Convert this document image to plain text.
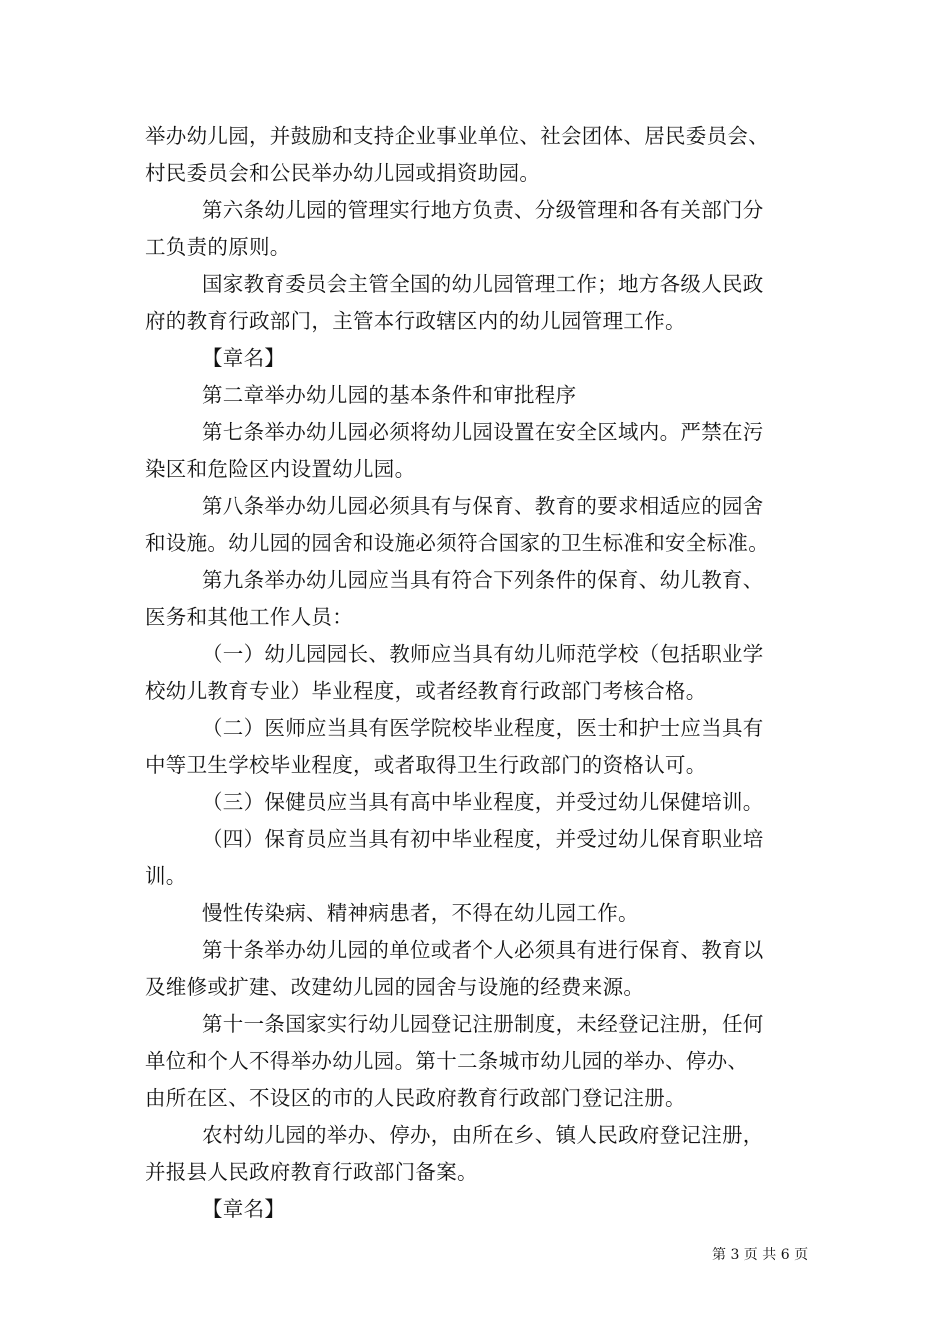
举办幼儿园，并鼓励和支持企业事业单位、社会团体、居民委员会、
村民委员会和公民举办幼儿园或捐资助园。
第六条幼儿园的管理实行地方负责、分级管理和各有关部门分
工负责的原则。
国家教育委员会主管全国的幼儿园管理工作；地方各级人民政
府的教育行政部门，主管本行政辖区内的幼儿园管理工作。
【章名】
第二章举办幼儿园的基本条件和审批程序
第七条举办幼儿园必须将幼儿园设置在安全区域内。严禁在污
染区和危险区内设置幼儿园。
第八条举办幼儿园必须具有与保育、教育的要求相适应的园舍
和设施。幼儿园的园舍和设施必须符合国家的卫生标准和安全标准。
第九条举办幼儿园应当具有符合下列条件的保育、幼儿教育、
医务和其他工作人员：
（一）幼儿园园长、教师应当具有幼儿师范学校（包括职业学
校幼儿教育专业）毕业程度，或者经教育行政部门考核合格。
（二）医师应当具有医学院校毕业程度，医士和护士应当具有
中等卫生学校毕业程度，或者取得卫生行政部门的资格认可。
（三）保健员应当具有高中毕业程度，并受过幼儿保健培训。
（四）保育员应当具有初中毕业程度，并受过幼儿保育职业培
训。
慢性传染病、精神病患者，不得在幼儿园工作。
第十条举办幼儿园的单位或者个人必须具有进行保育、教育以
及维修或扩建、改建幼儿园的园舍与设施的经费来源。
第十一条国家实行幼儿园登记注册制度，未经登记注册，任何
单位和个人不得举办幼儿园。第十二条城市幼儿园的举办、停办、
由所在区、不设区的市的人民政府教育行政部门登记注册。
农村幼儿园的举办、停办，由所在乡、镇人民政府登记注册，
并报县人民政府教育行政部门备案。
【章名】
第 3 页 共 6 页
